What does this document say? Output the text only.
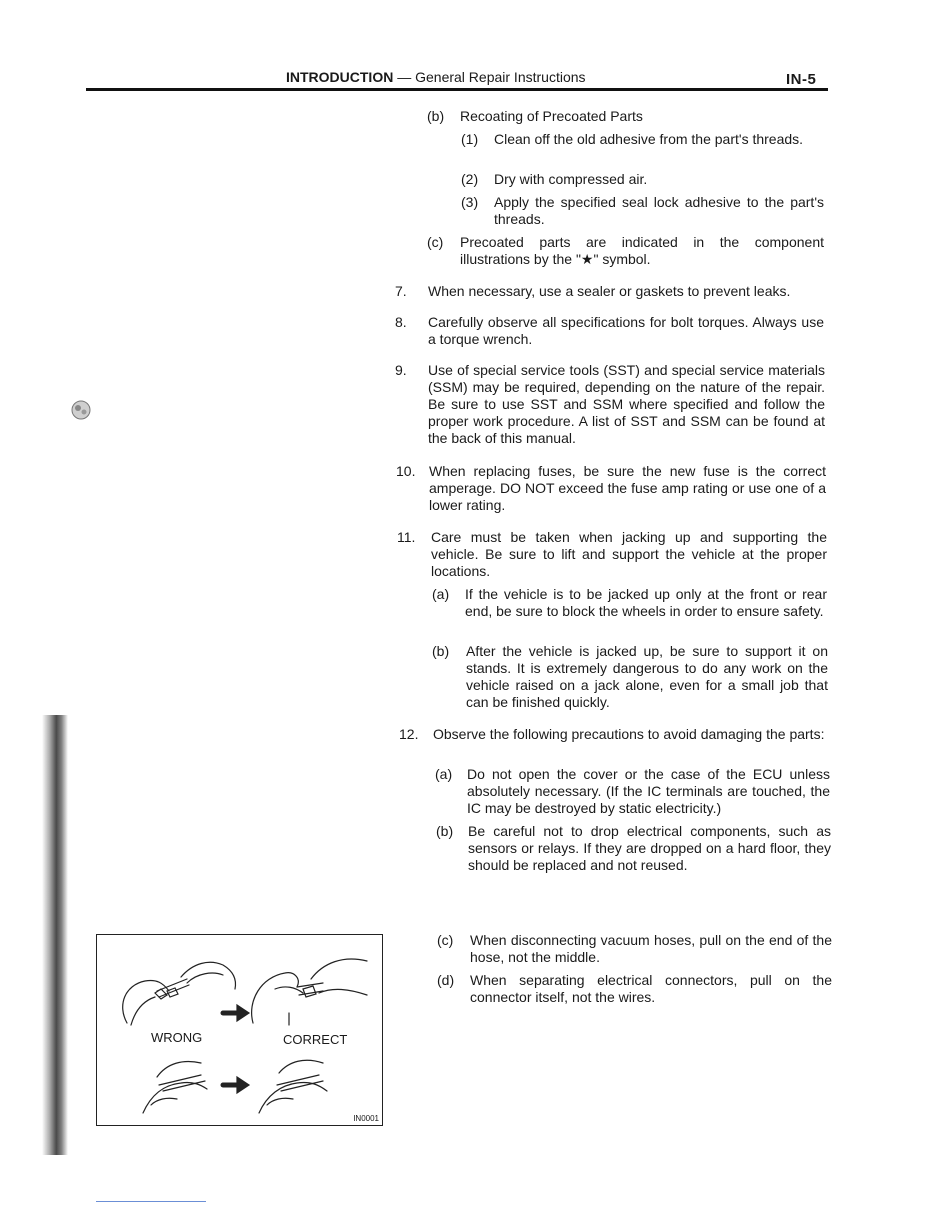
INTRODUCTION — General Repair Instructions	IN-5
(b) Recoating of Precoated Parts
(1) Clean off the old adhesive from the part's threads.
(2) Dry with compressed air.
(3) Apply the specified seal lock adhesive to the part's threads.
(c) Precoated parts are indicated in the component illustrations by the "★" symbol.
7. When necessary, use a sealer or gaskets to prevent leaks.
8. Carefully observe all specifications for bolt torques. Always use a torque wrench.
9. Use of special service tools (SST) and special service materials (SSM) may be required, depending on the nature of the repair. Be sure to use SST and SSM where specified and follow the proper work procedure. A list of SST and SSM can be found at the back of this manual.
10. When replacing fuses, be sure the new fuse is the correct amperage. DO NOT exceed the fuse amp rating or use one of a lower rating.
11. Care must be taken when jacking up and supporting the vehicle. Be sure to lift and support the vehicle at the proper locations.
(a) If the vehicle is to be jacked up only at the front or rear end, be sure to block the wheels in order to ensure safety.
(b) After the vehicle is jacked up, be sure to support it on stands. It is extremely dangerous to do any work on the vehicle raised on a jack alone, even for a small job that can be finished quickly.
12. Observe the following precautions to avoid damaging the parts:
(a) Do not open the cover or the case of the ECU unless absolutely necessary. (If the IC terminals are touched, the IC may be destroyed by static electricity.)
(b) Be careful not to drop electrical components, such as sensors or relays. If they are dropped on a hard floor, they should be replaced and not reused.
(c) When disconnecting vacuum hoses, pull on the end of the hose, not the middle.
(d) When separating electrical connectors, pull on the connector itself, not the wires.
WRONG	CORRECT
IN0001
